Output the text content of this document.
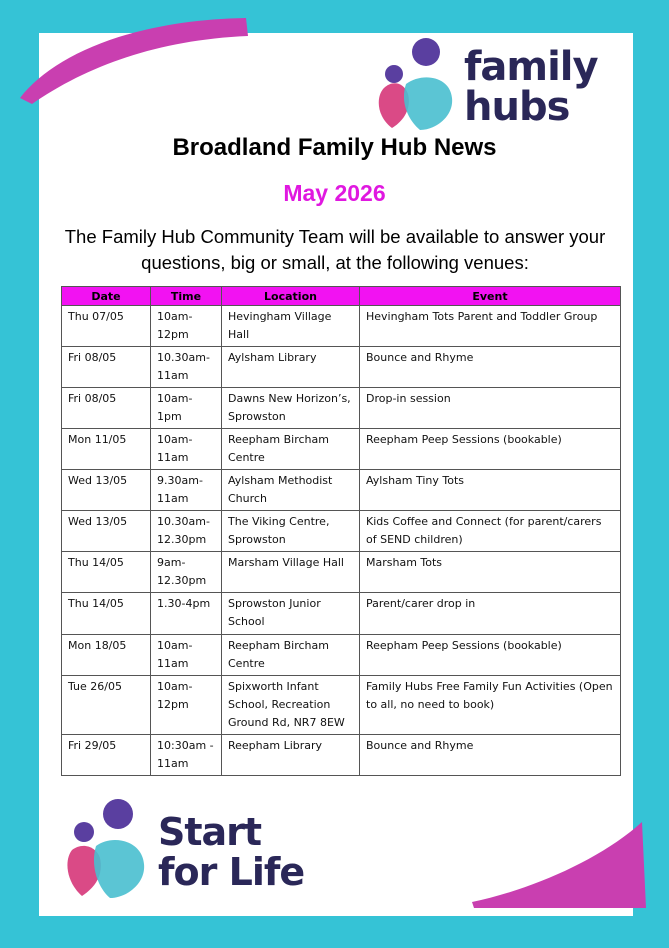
family
hubs
Broadland Family Hub News
May 2026
The Family Hub Community Team will be available to answer your questions, big or small, at the following venues:
Date	Time	Location	Event
Thu 07/05	10am-12pm	Hevingham Village Hall	Hevingham Tots Parent and Toddler Group
Fri 08/05	10.30am-11am	Aylsham Library	Bounce and Rhyme
Fri 08/05	10am-1pm	Dawns New Horizon’s, Sprowston	Drop-in session
Mon 11/05	10am-11am	Reepham Bircham Centre	Reepham Peep Sessions (bookable)
Wed 13/05	9.30am-11am	Aylsham Methodist Church	Aylsham Tiny Tots
Wed 13/05	10.30am-12.30pm	The Viking Centre, Sprowston	Kids Coffee and Connect (for parent/carers of SEND children)
Thu 14/05	9am-12.30pm	Marsham Village Hall	Marsham Tots
Thu 14/05	1.30-4pm	Sprowston Junior School	Parent/carer drop in
Mon 18/05	10am-11am	Reepham Bircham Centre	Reepham Peep Sessions (bookable)
Tue 26/05	10am-12pm	Spixworth Infant School, Recreation Ground Rd, NR7 8EW	Family Hubs Free Family Fun Activities (Open to all, no need to book)
Fri 29/05	10:30am - 11am	Reepham Library	Bounce and Rhyme
Start
for Life
